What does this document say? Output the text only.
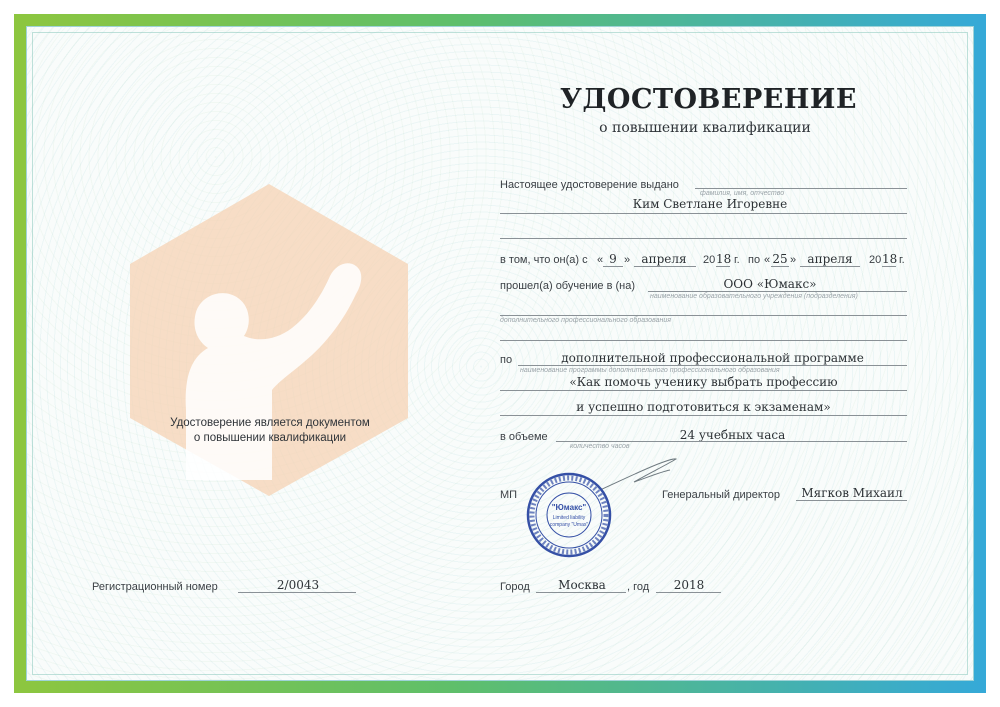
УДОСТОВЕРЕНИЕ
о повышении квалификации
Настоящее удостоверение выдано
фамилия, имя, отчество
Ким Светлане Игоревне
в том, что он(а) с « 9 » апреля	20 18 г. по « 25 » апреля	20 18 г.
прошел(а) обучение в (на)	ООО «Юмакс»
наименование образовательного учреждения (подразделения)
дополнительного профессионального образования
по	дополнительной профессиональной программе
наименование программы дополнительного профессионального образования
«Как помочь ученику выбрать профессию
и успешно подготовиться к экзаменам»
в объеме	24 учебных часа
количество часов
МП
"Юмакс"
Limited liability
company "Umax"
Генеральный директор Мягков Михаил
Удостоверение является документом
о повышении квалификации
Регистрационный номер	2/0043	Город	Москва	, год	2018
